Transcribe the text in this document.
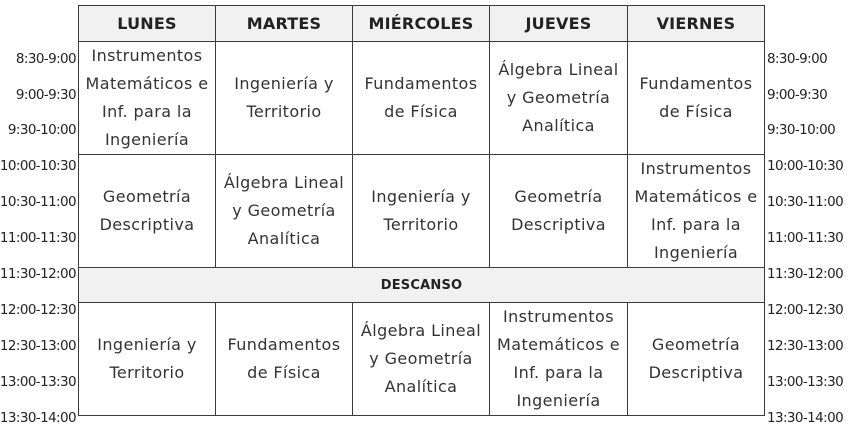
8:30-9:00
9:00-9:30
9:30-10:00
10:00-10:30
10:30-11:00
11:00-11:30
11:30-12:00
12:00-12:30
12:30-13:00
13:00-13:30
13:30-14:00
LUNES	MARTES	MIÉRCOLES	JUEVES	VIERNES

Instrumentos Matemáticos e Inf. para la Ingeniería	Ingeniería y Territorio	Fundamentos de Física	Álgebra Lineal y Geometría Analítica	Fundamentos de Física

Geometría Descriptiva	Álgebra Lineal y Geometría Analítica	Ingeniería y Territorio	Geometría Descriptiva	Instrumentos Matemáticos e Inf. para la Ingeniería

DESCANSO				

Ingeniería y Territorio	Fundamentos de Física	Álgebra Lineal y Geometría Analítica	Instrumentos Matemáticos e Inf. para la Ingeniería	Geometría Descriptiva
8:30-9:00
9:00-9:30
9:30-10:00
10:00-10:30
10:30-11:00
11:00-11:30
11:30-12:00
12:00-12:30
12:30-13:00
13:00-13:30
13:30-14:00
